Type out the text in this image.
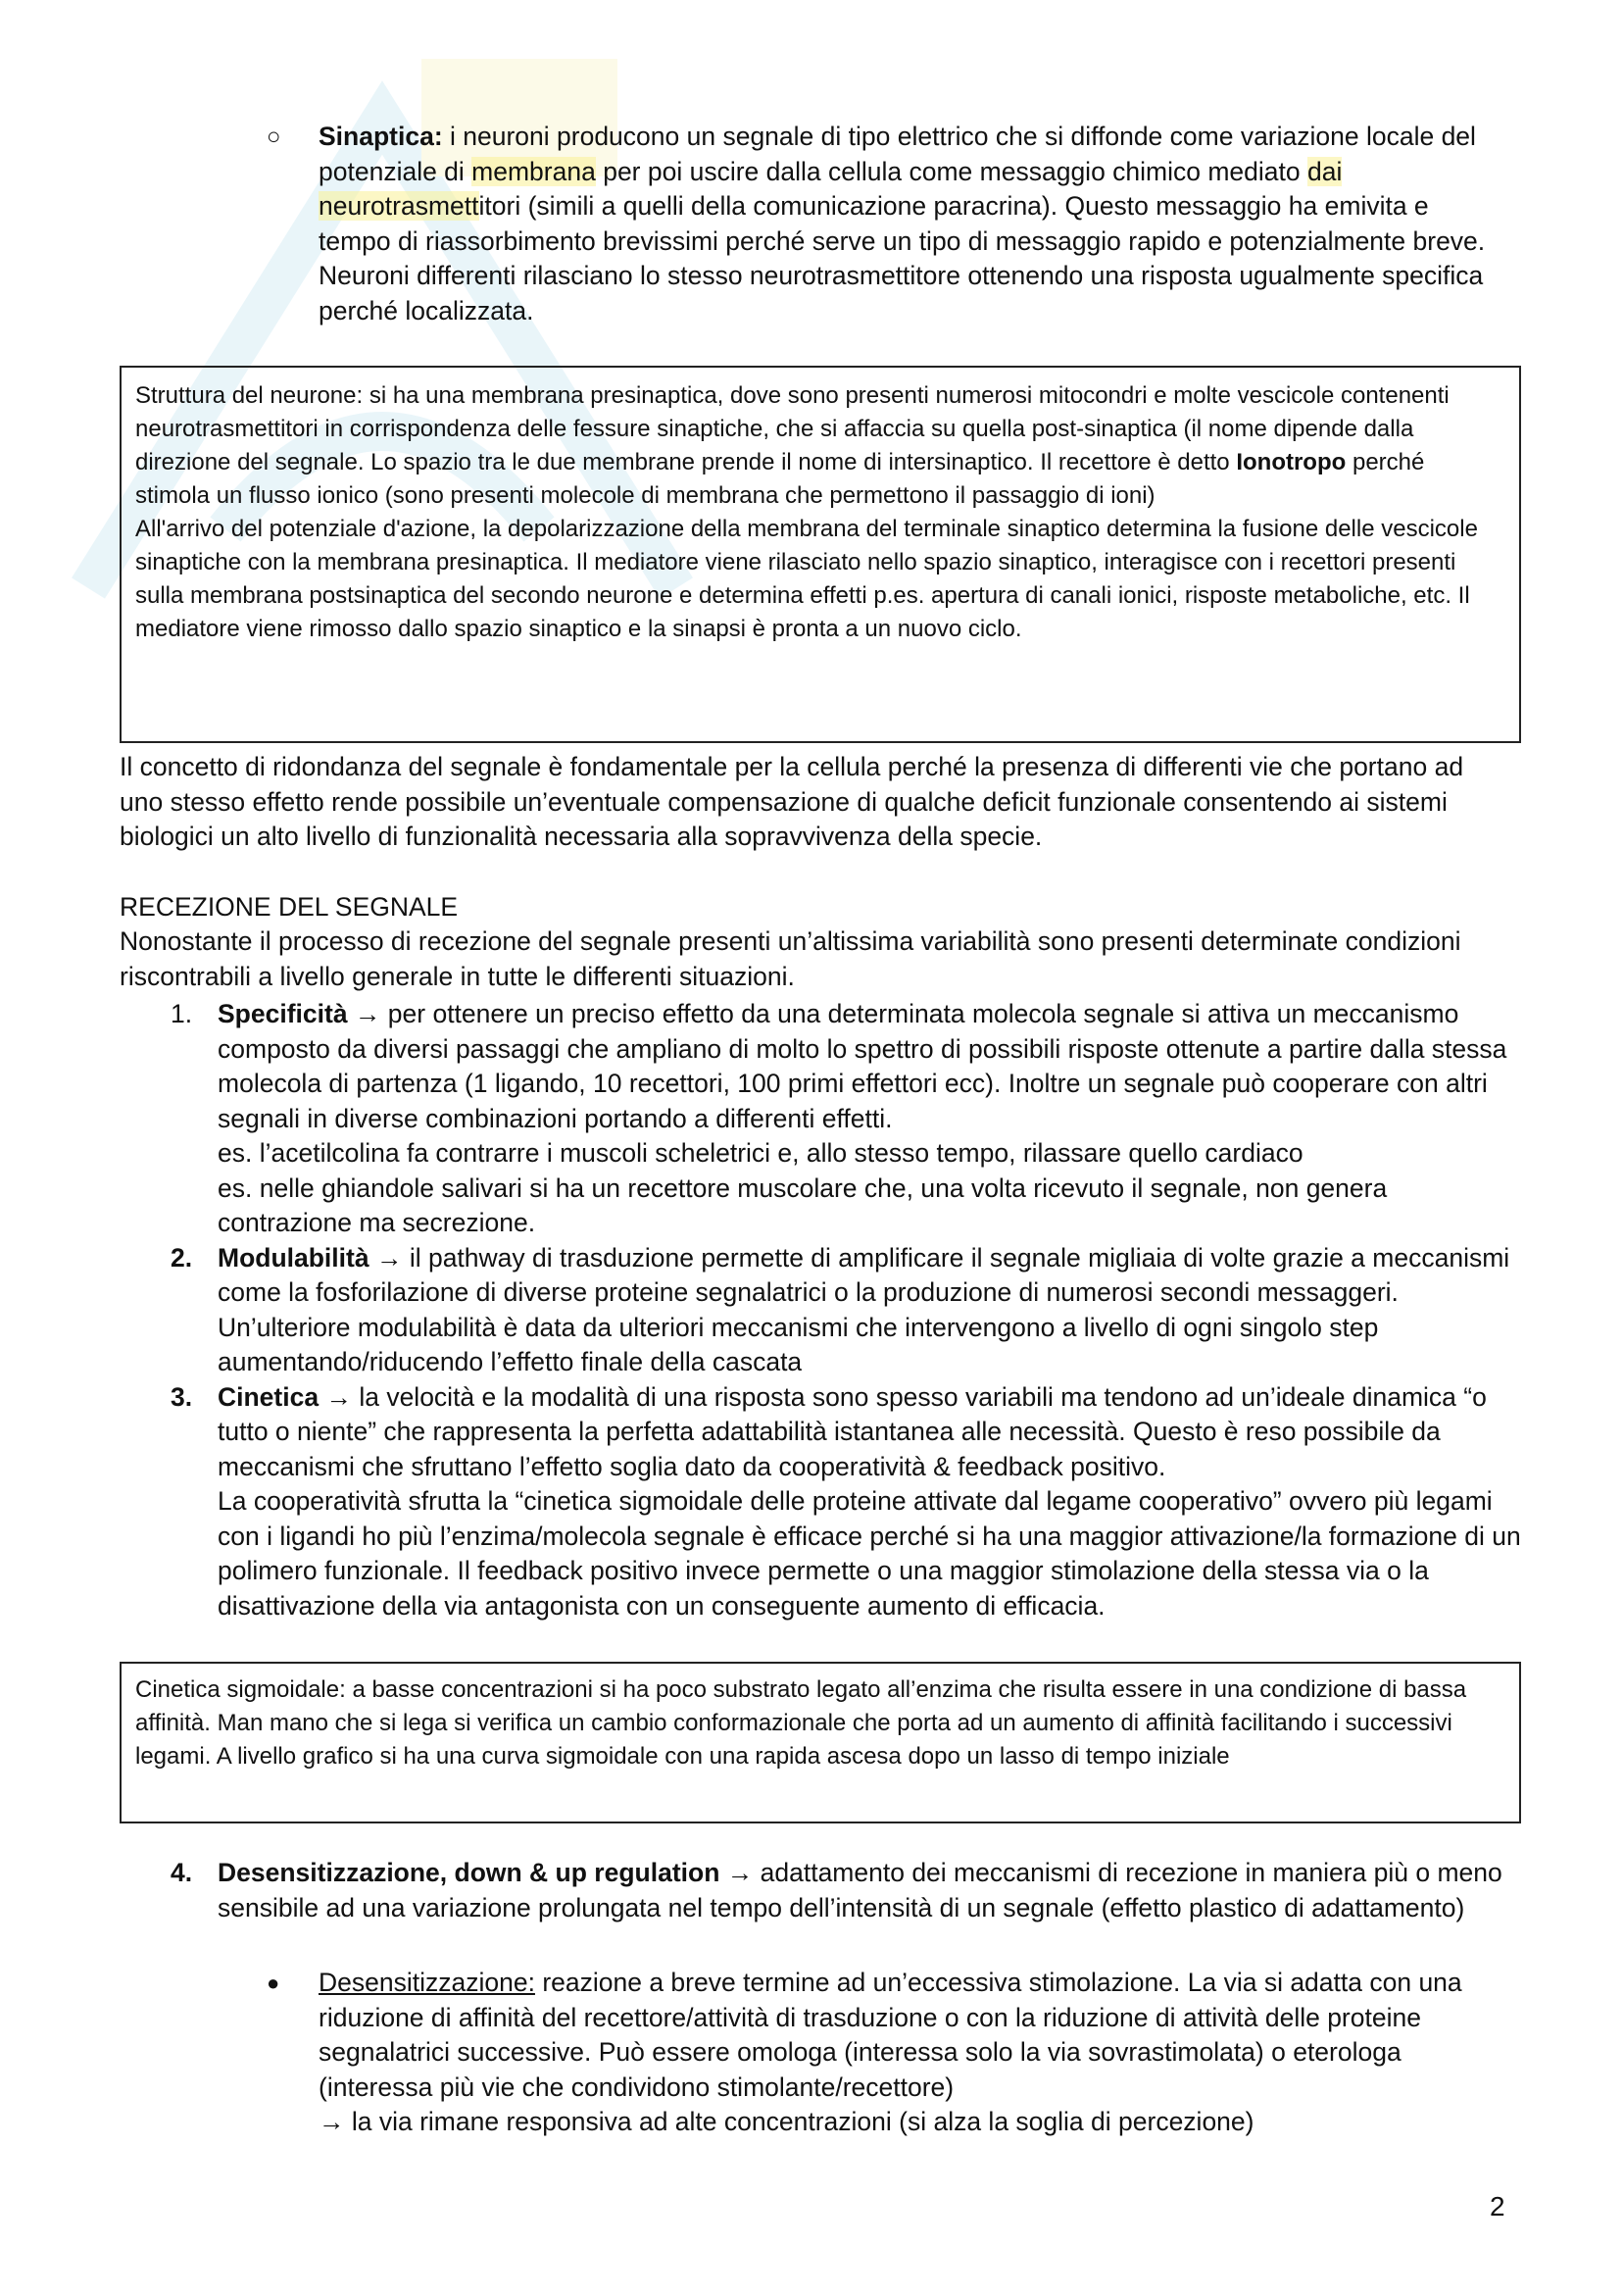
○ Sinaptica: i neuroni producono un segnale di tipo elettrico che si diffonde come variazione locale del potenziale di membrana per poi uscire dalla cellula come messaggio chimico mediato dai neurotrasmettitori (simili a quelli della comunicazione paracrina). Questo messaggio ha emivita e tempo di riassorbimento brevissimi perché serve un tipo di messaggio rapido e potenzialmente breve. Neuroni differenti rilasciano lo stesso neurotrasmettitore ottenendo una risposta ugualmente specifica perché localizzata.

Struttura del neurone: si ha una membrana presinaptica, dove sono presenti numerosi mitocondri e molte vescicole contenenti neurotrasmettitori in corrispondenza delle fessure sinaptiche, che si affaccia su quella post-sinaptica (il nome dipende dalla direzione del segnale. Lo spazio tra le due membrane prende il nome di intersinaptico. Il recettore è detto Ionotropo perché stimola un flusso ionico (sono presenti molecole di membrana che permettono il passaggio di ioni)

All'arrivo del potenziale d'azione, la depolarizzazione della membrana del terminale sinaptico determina la fusione delle vescicole sinaptiche con la membrana presinaptica. Il mediatore viene rilasciato nello spazio sinaptico, interagisce con i recettori presenti sulla membrana postsinaptica del secondo neurone e determina effetti p.es. apertura di canali ionici, risposte metaboliche, etc. Il mediatore viene rimosso dallo spazio sinaptico e la sinapsi è pronta a un nuovo ciclo.

Il concetto di ridondanza del segnale è fondamentale per la cellula perché la presenza di differenti vie che portano ad uno stesso effetto rende possibile un’eventuale compensazione di qualche deficit funzionale consentendo ai sistemi biologici un alto livello di funzionalità necessaria alla sopravvivenza della specie.

RECEZIONE DEL SEGNALE

Nonostante il processo di recezione del segnale presenti un’altissima variabilità sono presenti determinate condizioni riscontrabili a livello generale in tutte le differenti situazioni.

1. Specificità → per ottenere un preciso effetto da una determinata molecola segnale si attiva un meccanismo composto da diversi passaggi che ampliano di molto lo spettro di possibili risposte ottenute a partire dalla stessa molecola di partenza (1 ligando, 10 recettori, 100 primi effettori ecc). Inoltre un segnale può cooperare con altri segnali in diverse combinazioni portando a differenti effetti.
es. l’acetilcolina fa contrarre i muscoli scheletrici e, allo stesso tempo, rilassare quello cardiaco
es. nelle ghiandole salivari si ha un recettore muscolare che, una volta ricevuto il segnale, non genera contrazione ma secrezione.
2. Modulabilità → il pathway di trasduzione permette di amplificare il segnale migliaia di volte grazie a meccanismi come la fosforilazione di diverse proteine segnalatrici o la produzione di numerosi secondi messaggeri. Un’ulteriore modulabilità è data da ulteriori meccanismi che intervengono a livello di ogni singolo step aumentando/riducendo l’effetto finale della cascata
3. Cinetica → la velocità e la modalità di una risposta sono spesso variabili ma tendono ad un’ideale dinamica “o tutto o niente” che rappresenta la perfetta adattabilità istantanea alle necessità. Questo è reso possibile da meccanismi che sfruttano l’effetto soglia dato da cooperatività & feedback positivo.
La cooperatività sfrutta la “cinetica sigmoidale delle proteine attivate dal legame cooperativo” ovvero più legami con i ligandi ho più l’enzima/molecola segnale è efficace perché si ha una maggior attivazione/la formazione di un polimero funzionale. Il feedback positivo invece permette o una maggior stimolazione della stessa via o la disattivazione della via antagonista con un conseguente aumento di efficacia.
Cinetica sigmoidale: a basse concentrazioni si ha poco substrato legato all’enzima che risulta essere in una condizione di bassa affinità. Man mano che si lega si verifica un cambio conformazionale che porta ad un aumento di affinità facilitando i successivi legami. A livello grafico si ha una curva sigmoidale con una rapida ascesa dopo un lasso di tempo iniziale
4. Desensitizzazione, down & up regulation → adattamento dei meccanismi di recezione in maniera più o meno sensibile ad una variazione prolungata nel tempo dell’intensità di un segnale (effetto plastico di adattamento)
● Desensitizzazione: reazione a breve termine ad un’eccessiva stimolazione. La via si adatta con una riduzione di affinità del recettore/attività di trasduzione o con la riduzione di attività delle proteine segnalatrici successive. Può essere omologa (interessa solo la via sovrastimolata) o eterologa (interessa più vie che condividono stimolante/recettore)
→ la via rimane responsiva ad alte concentrazioni (si alza la soglia di percezione)
2
